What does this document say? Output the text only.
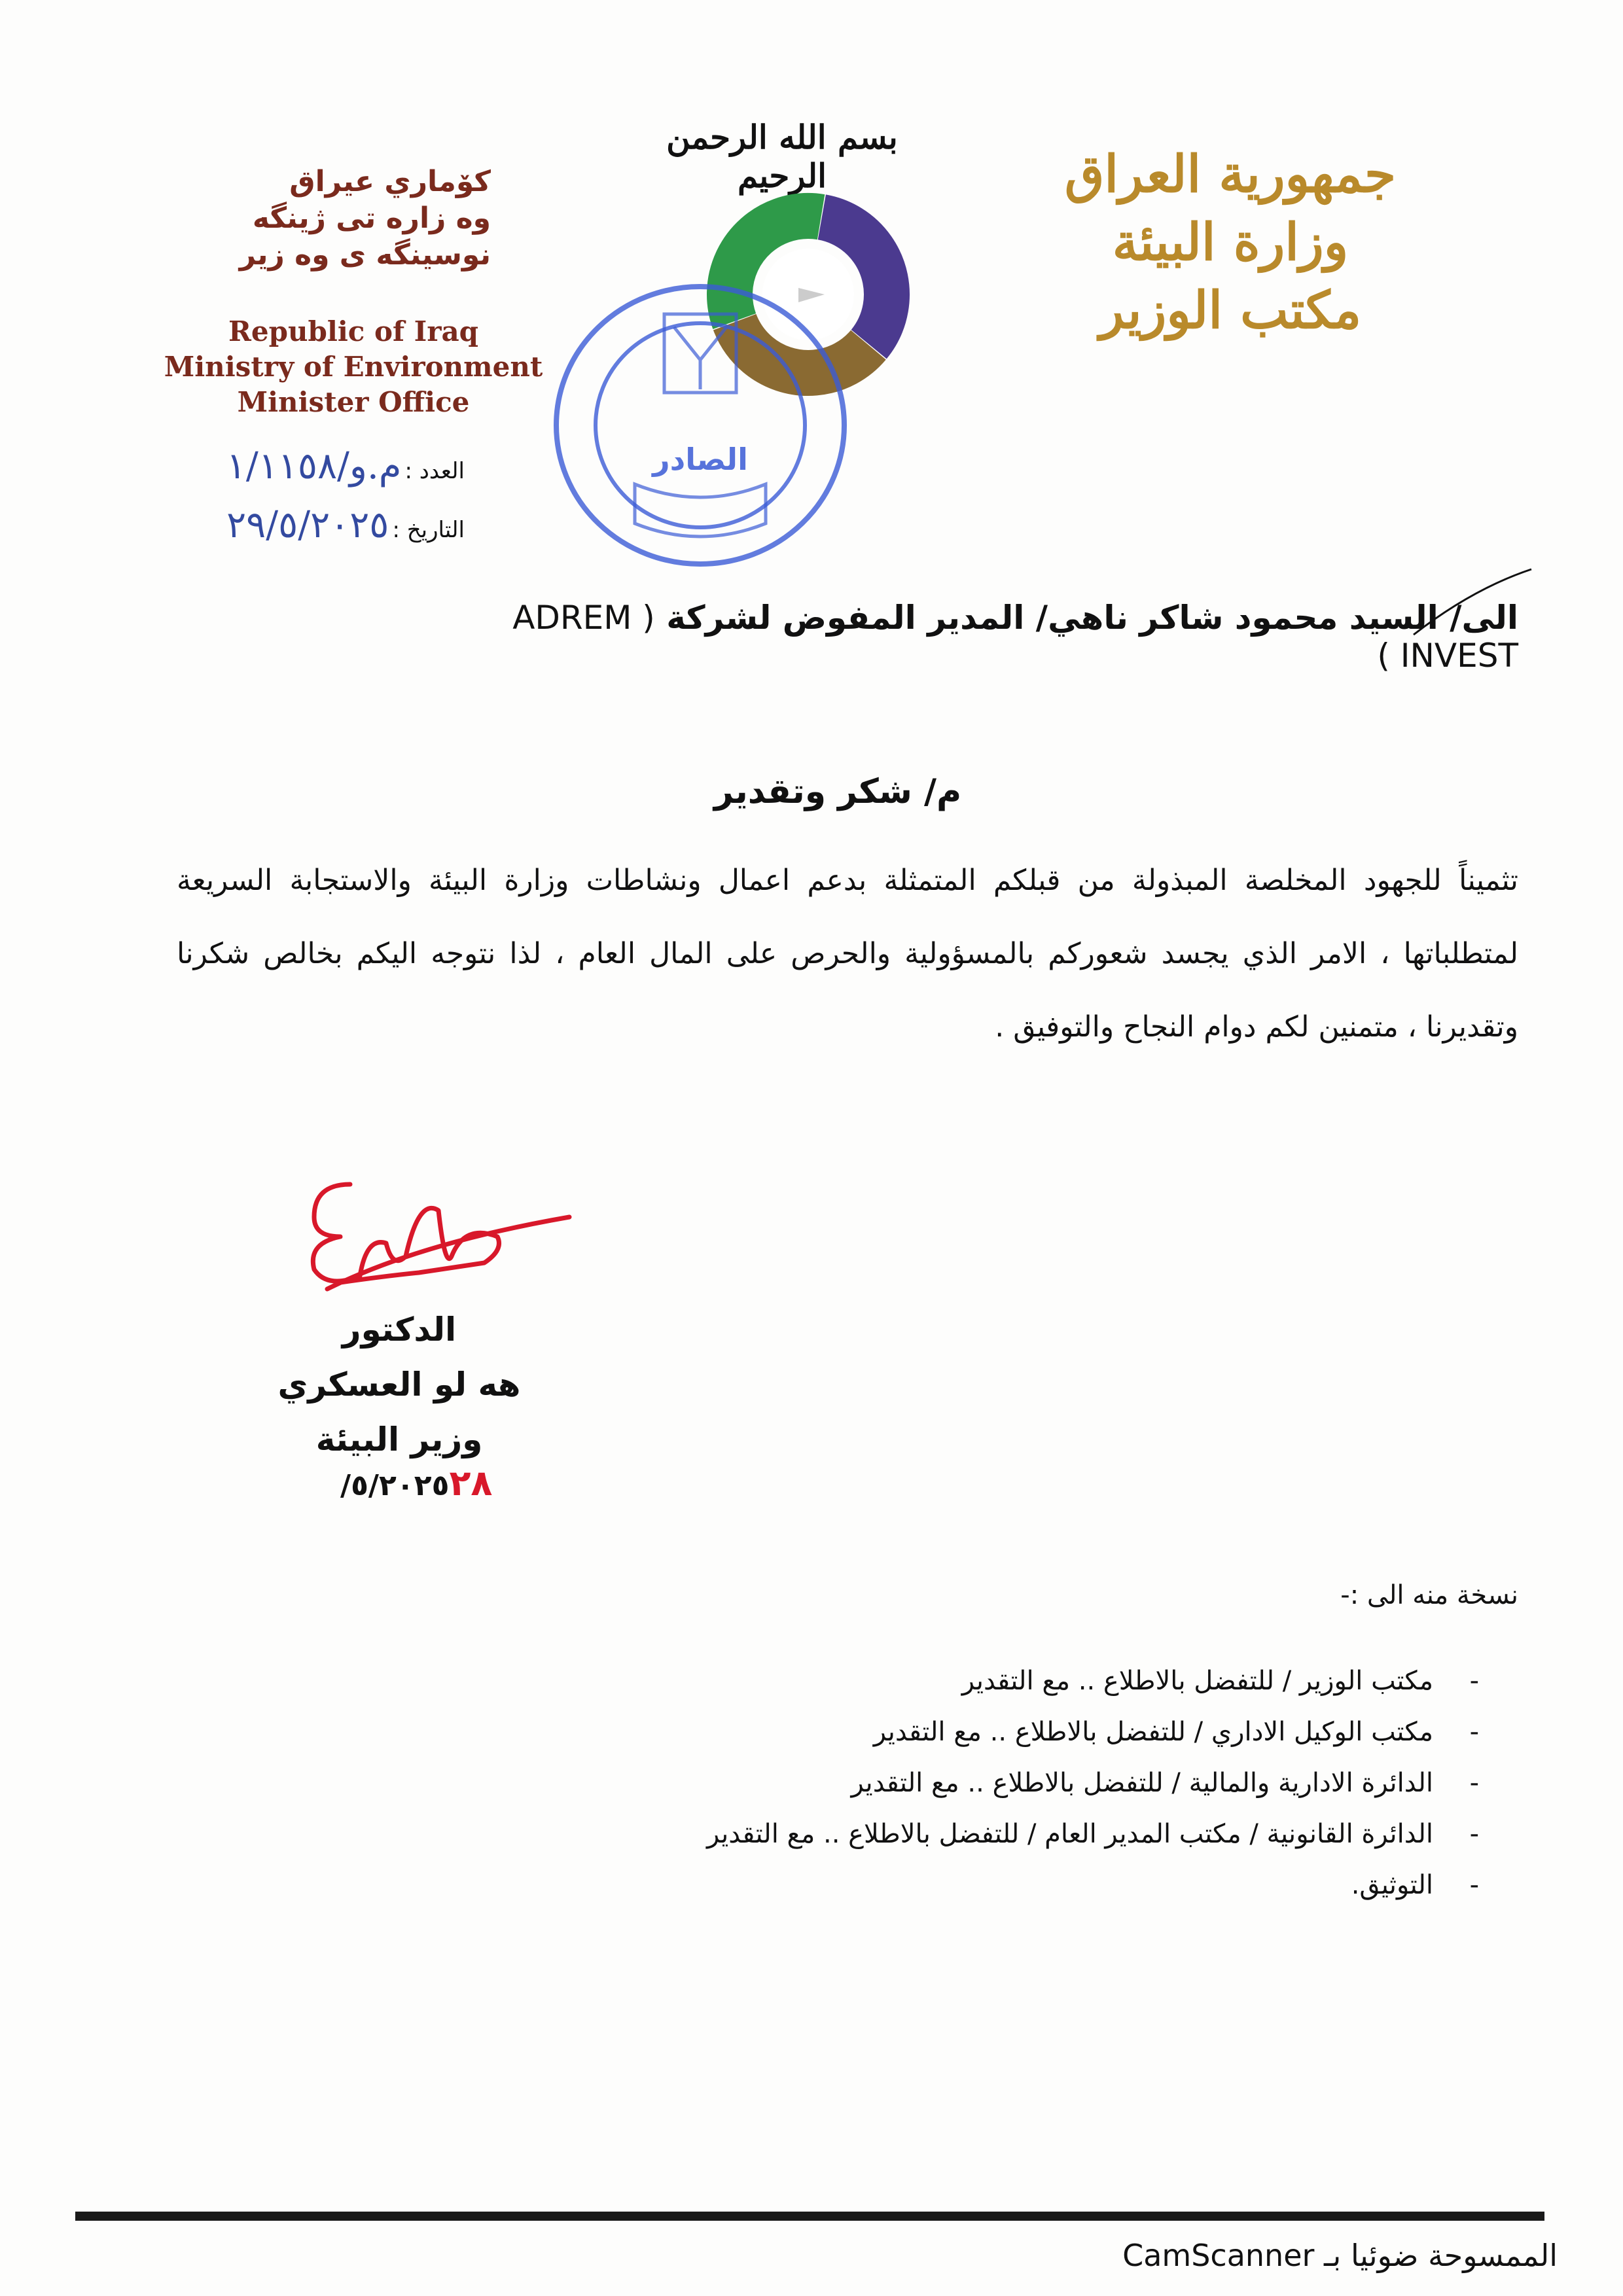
بسم الله الرحمن الرحيم
كۆماري عيراق
وه زاره تى ژينگه
نوسينگه ى وه زير
Republic of Iraq
Ministry of Environment
Minister Office
جمهورية العراق
وزارة البيئة
مكتب الوزير
الصادر
العدد : م.و/١/١١٥٨
التاريخ : ٢٩/٥/٢٠٢٥
الى/ السيد محمود شاكر ناهي/ المدير المفوض لشركة ( ADREM INVEST )
م/ شكر وتقدير
تثميناً للجهود المخلصة المبذولة من قبلكم المتمثلة بدعم اعمال ونشاطات وزارة البيئة والاستجابة السريعة لمتطلباتها ، الامر الذي يجسد شعوركم بالمسؤولية والحرص على المال العام ، لذا نتوجه اليكم بخالص شكرنا وتقديرنا ، متمنين لكم دوام النجاح والتوفيق .
الدكتور
هه لو العسكري
وزير البيئة
/٥/٢٠٢٥٢٨
نسخة منه الى :-
-
مكتب الوزير / للتفضل بالاطلاع .. مع التقدير
-
مكتب الوكيل الاداري / للتفضل بالاطلاع .. مع التقدير
-
الدائرة الادارية والمالية / للتفضل بالاطلاع .. مع التقدير
-
الدائرة القانونية / مكتب المدير العام / للتفضل بالاطلاع .. مع التقدير
-
التوثيق.
الممسوحة ضوئيا بـ CamScanner
